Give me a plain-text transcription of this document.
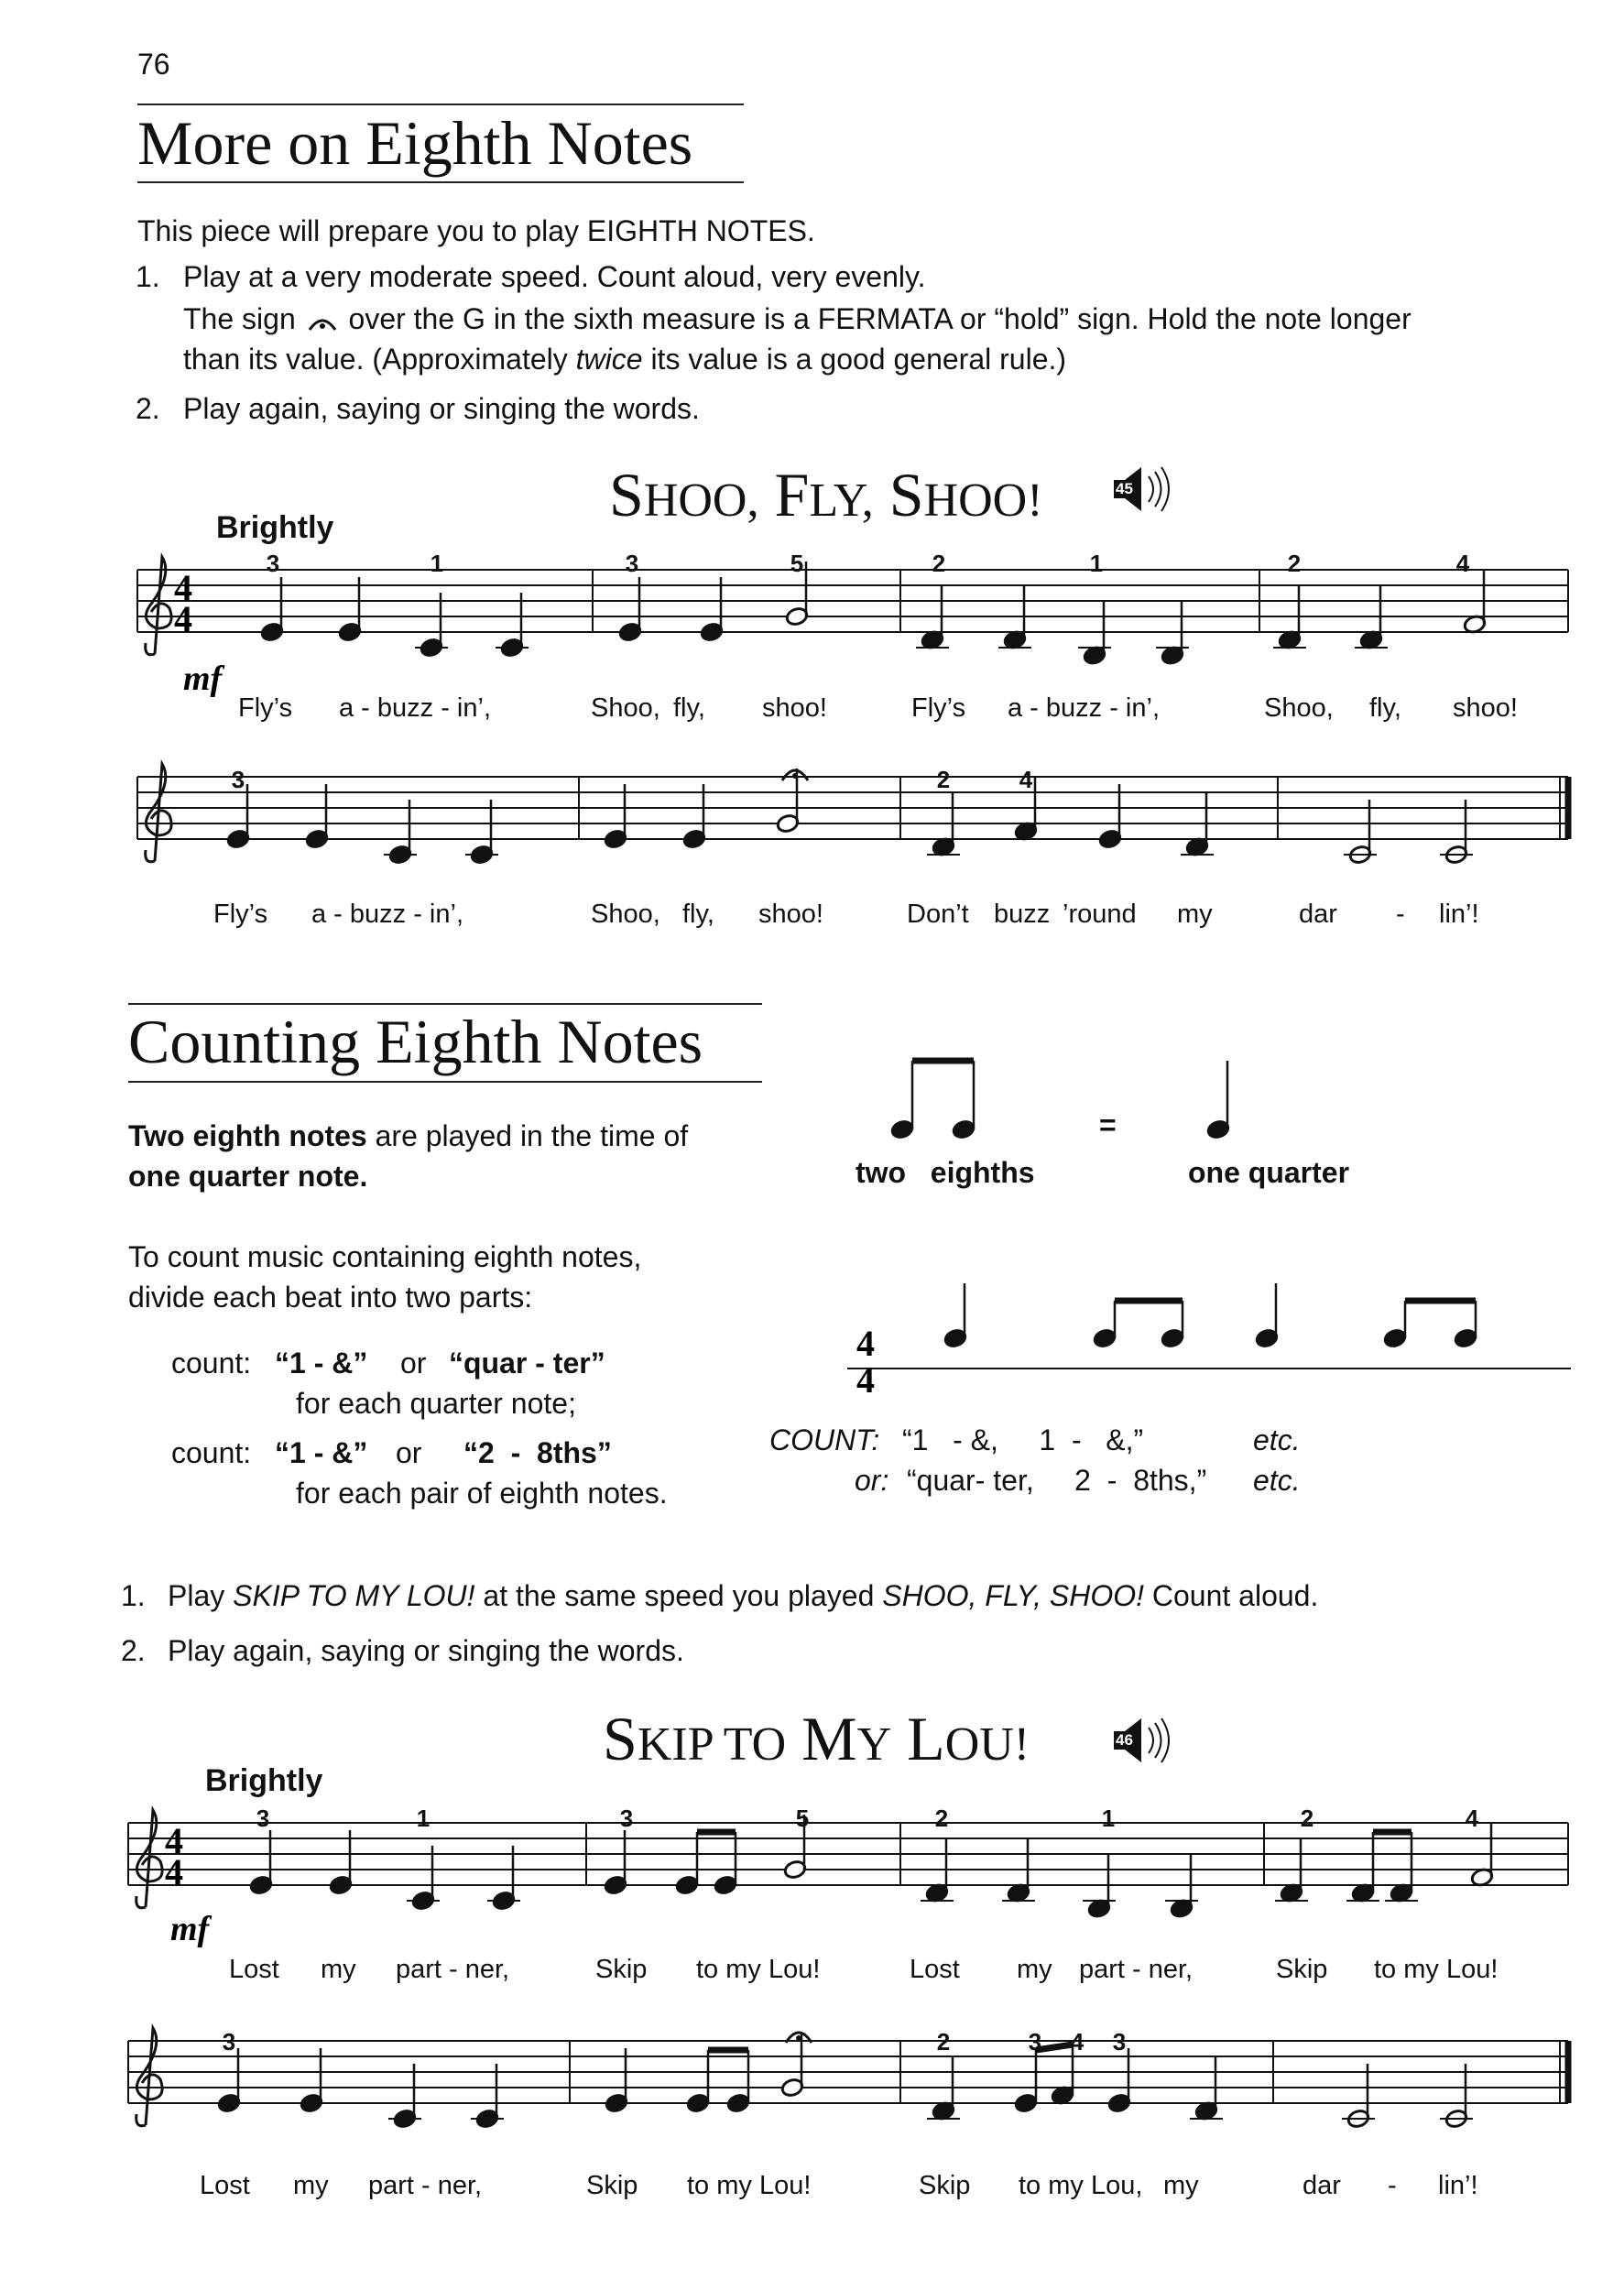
76
More on Eighth Notes
This piece will prepare you to play EIGHTH NOTES.
1. Play at a very moderate speed. Count aloud, very evenly.
The sign over the G in the sixth measure is a FERMATA or “hold” sign. Hold the note longer
than its value. (Approximately twice its value is a good general rule.)
2. Play again, saying or singing the words.
SHOO, FLY, SHOO!	45
Brightly
Counting Eighth Notes
Two eighth notes are played in the time of
one quarter note.
=
two   eighths	one quarter
To count music containing eighth notes,
divide each beat into two parts:
count: “1 - &” or “quar - ter”
for each quarter note;
count: “1 - &” or “2  -  8ths”
for each pair of eighth notes.
COUNT: “1   - &,     1  -   &,”	etc.
or: “quar- ter,     2  -  8ths,” etc.
1. Play SKIP TO MY LOU! at the same speed you played SHOO, FLY, SHOO! Count aloud.
2. Play again, saying or singing the words.
SKIP TO MY LOU!	46
Brightly
4
4
mf
4
4
4
4
mf
3	1	3	5	2	1	2	4
3	2	4
Fly’s a - buzz - in’,	Shoo, fly, shoo!	Fly’s a - buzz - in’,	Shoo, fly, shoo!
Fly’s a - buzz - in’,	Shoo, fly, shoo!	Don’t buzz ’round my	dar - lin’!
3	1	3	5	2	1	2	4
3	2	3 4 3
Lost my part - ner,	Skip to my Lou!	Lost my part - ner,	Skip to my Lou!
Lost my part - ner,	Skip to my Lou!	Skip to my Lou, my	dar - lin’!
